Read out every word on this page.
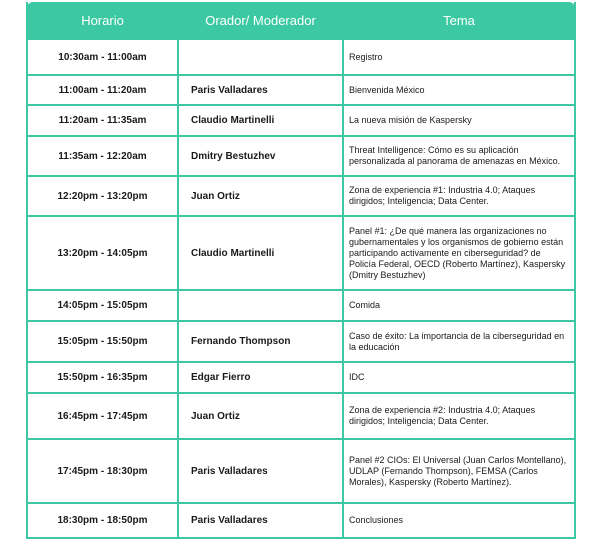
Horario	Orador/ Moderador	Tema
10:30am - 11:00am		Registro
11:00am - 11:20am	Paris Valladares	Bienvenida México
11:20am - 11:35am	Claudio Martinelli	La nueva misión de Kaspersky
11:35am - 12:20am	Dmitry Bestuzhev	Threat Intelligence: Cómo es su aplicación personalizada al panorama de amenazas en México.
12:20pm - 13:20pm	Juan Ortiz	Zona de experiencia #1: Industria 4.0; Ataques dirigidos; Inteligencia; Data Center.
13:20pm - 14:05pm	Claudio Martinelli	Panel #1: ¿De qué manera las organizaciones no gubernamentales y los organismos de gobierno están participando activamente en ciberseguridad? de Policía Federal, OECD (Roberto Martínez), Kaspersky (Dmitry Bestuzhev)
14:05pm - 15:05pm		Comida
15:05pm - 15:50pm	Fernando Thompson	Caso de éxito: La importancia de la ciberseguridad en la educación
15:50pm - 16:35pm	Edgar Fierro	IDC
16:45pm - 17:45pm	Juan Ortiz	Zona de experiencia #2: Industria 4.0; Ataques dirigidos; Inteligencia; Data Center.
17:45pm - 18:30pm	Paris Valladares	Panel #2 CIOs: El Universal (Juan Carlos Montellano), UDLAP (Fernando Thompson), FEMSA (Carlos Morales), Kaspersky (Roberto Martínez).
18:30pm - 18:50pm	Paris Valladares	Conclusiones
